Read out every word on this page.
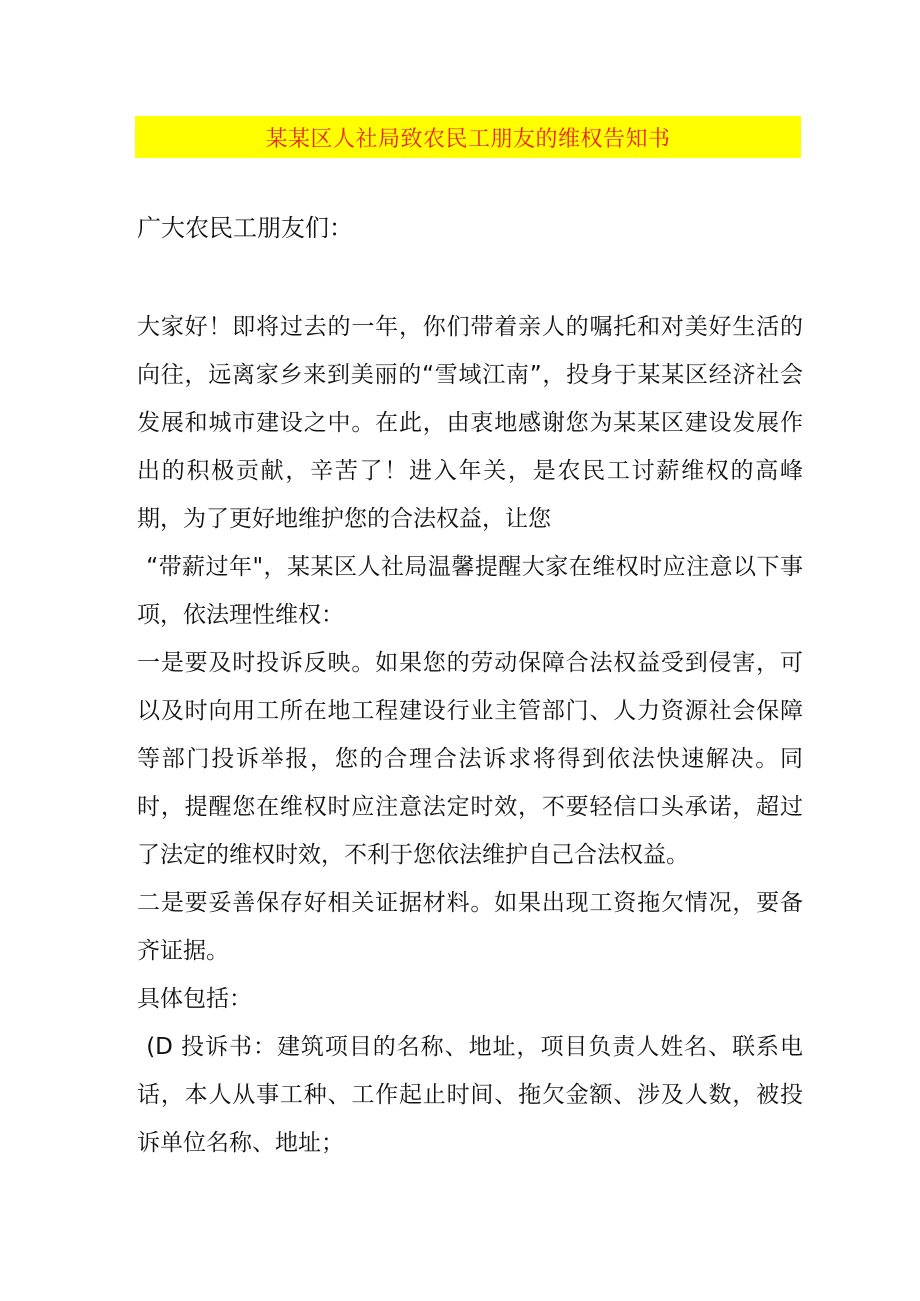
某某区人社局致农民工朋友的维权告知书
广大农民工朋友们：

大家好！即将过去的一年，你们带着亲人的嘱托和对美好生活的向往，远离家乡来到美丽的“雪域江南”，投身于某某区经济社会发展和城市建设之中。在此，由衷地感谢您为某某区建设发展作出的积极贡献，辛苦了！进入年关，是农民工讨薪维权的高峰期，为了更好地维护您的合法权益，让您

“带薪过年"，某某区人社局温馨提醒大家在维权时应注意以下事项，依法理性维权：

一是要及时投诉反映。如果您的劳动保障合法权益受到侵害，可以及时向用工所在地工程建设行业主管部门、人力资源社会保障等部门投诉举报，您的合理合法诉求将得到依法快速解决。同时，提醒您在维权时应注意法定时效，不要轻信口头承诺，超过了法定的维权时效，不利于您依法维护自己合法权益。

二是要妥善保存好相关证据材料。如果出现工资拖欠情况，要备齐证据。

具体包括：

(D 投诉书：建筑项目的名称、地址，项目负责人姓名、联系电话，本人从事工种、工作起止时间、拖欠金额、涉及人数，被投诉单位名称、地址；
